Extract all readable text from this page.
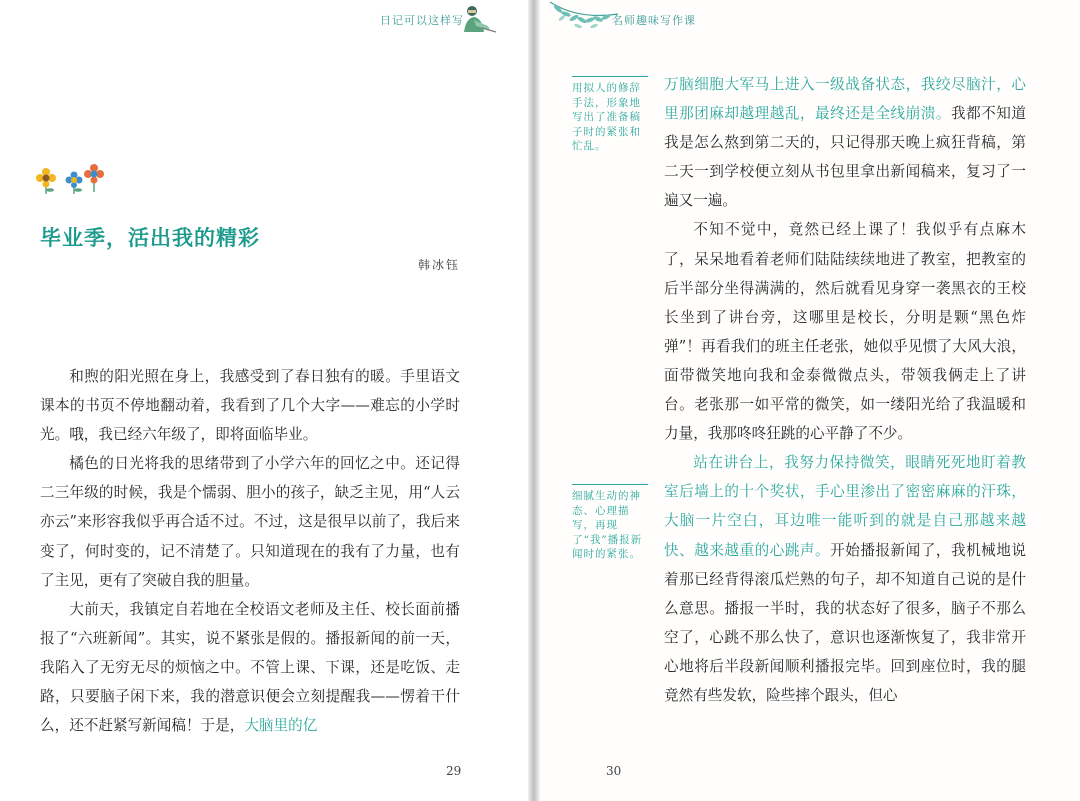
日记可以这样写
毕业季，活出我的精彩
韩冰钰

和煦的阳光照在身上，我感受到了春日独有的暖。手里语文课本的书页不停地翻动着，我看到了几个大字——难忘的小学时光。哦，我已经六年级了，即将面临毕业。

橘色的日光将我的思绪带到了小学六年的回忆之中。还记得二三年级的时候，我是个懦弱、胆小的孩子，缺乏主见，用“人云亦云”来形容我似乎再合适不过。不过，这是很早以前了，我后来变了，何时变的，记不清楚了。只知道现在的我有了力量，也有了主见，更有了突破自我的胆量。

大前天，我镇定自若地在全校语文老师及主任、校长面前播报了“六班新闻”。其实，说不紧张是假的。播报新闻的前一天，我陷入了无穷无尽的烦恼之中。不管上课、下课，还是吃饭、走路，只要脑子闲下来，我的潜意识便会立刻提醒我——愣着干什么，还不赶紧写新闻稿！于是，大脑里的亿

29
名师趣味写作课
用拟人的修辞手法，形象地写出了准备稿子时的紧张和忙乱。
细腻生动的神态、心理描写，再现了“我”播报新闻时的紧张。

万脑细胞大军马上进入一级战备状态，我绞尽脑汁，心里那团麻却越理越乱，最终还是全线崩溃。我都不知道我是怎么熬到第二天的，只记得那天晚上疯狂背稿，第二天一到学校便立刻从书包里拿出新闻稿来，复习了一遍又一遍。

不知不觉中，竟然已经上课了！我似乎有点麻木了，呆呆地看着老师们陆陆续续地进了教室，把教室的后半部分坐得满满的，然后就看见身穿一袭黑衣的王校长坐到了讲台旁，这哪里是校长，分明是颗“黑色炸弹”！再看我们的班主任老张，她似乎见惯了大风大浪，面带微笑地向我和金泰微微点头，带领我俩走上了讲台。老张那一如平常的微笑，如一缕阳光给了我温暖和力量，我那咚咚狂跳的心平静了不少。

站在讲台上，我努力保持微笑，眼睛死死地盯着教室后墙上的十个奖状，手心里渗出了密密麻麻的汗珠，大脑一片空白，耳边唯一能听到的就是自己那越来越快、越来越重的心跳声。开始播报新闻了，我机械地说着那已经背得滚瓜烂熟的句子，却不知道自己说的是什么意思。播报一半时，我的状态好了很多，脑子不那么空了，心跳不那么快了，意识也逐渐恢复了，我非常开心地将后半段新闻顺利播报完毕。回到座位时，我的腿竟然有些发软，险些摔个跟头，但心

30
